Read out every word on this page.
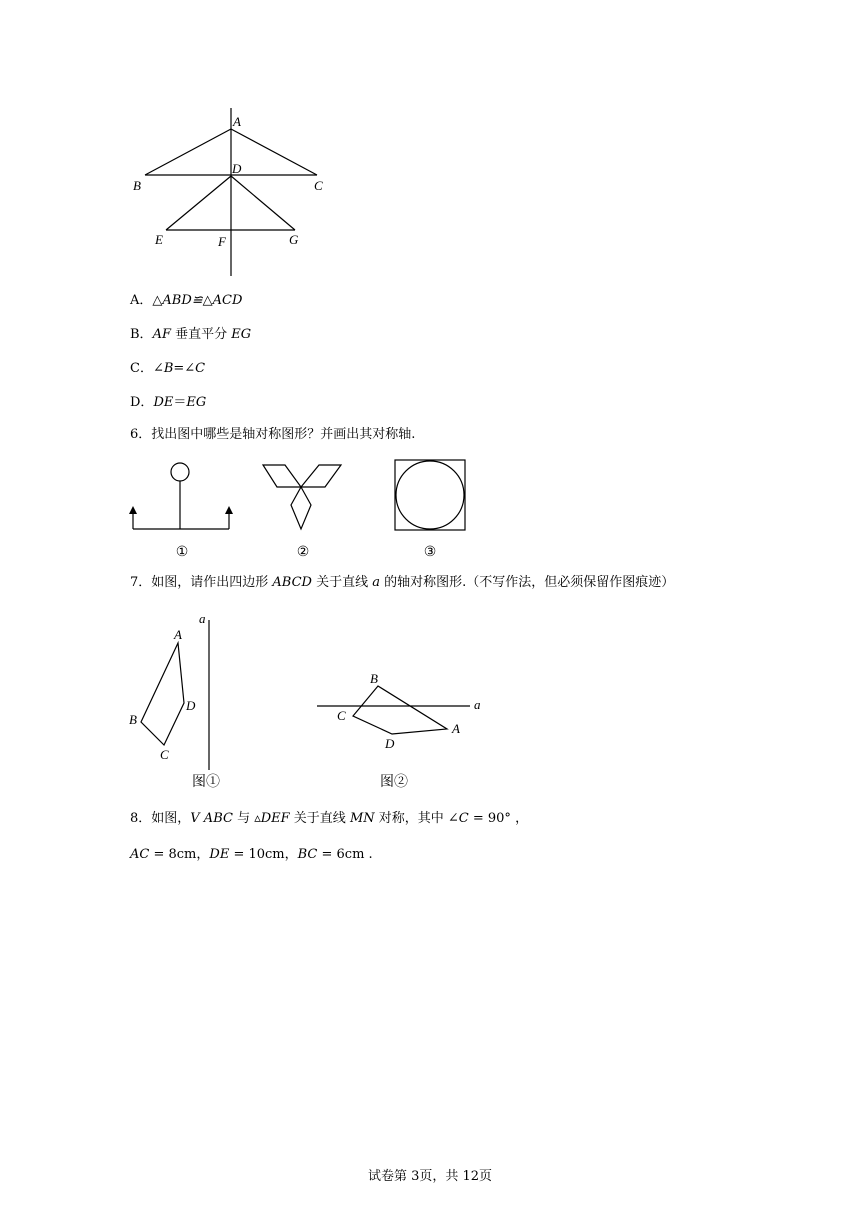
A
B	C
D
E	F	G
A．△ABD≌△ACD
B．AF 垂直平分 EG
C．∠B=∠C
D．DE＝EG
6．找出图中哪些是轴对称图形？并画出其对称轴.
①	②	③
7．如图，请作出四边形 ABCD 关于直线 a 的轴对称图形.（不写作法，但必须保留作图痕迹）
a
A
B
C
D
图①
a
A
B
C
D
图②
8．如图，V ABC 与 ▵DEF 关于直线 MN 对称，其中 ∠C = 90° ，
AC = 8cm，DE = 10cm，BC = 6cm .
试卷第 3页，共 12页
